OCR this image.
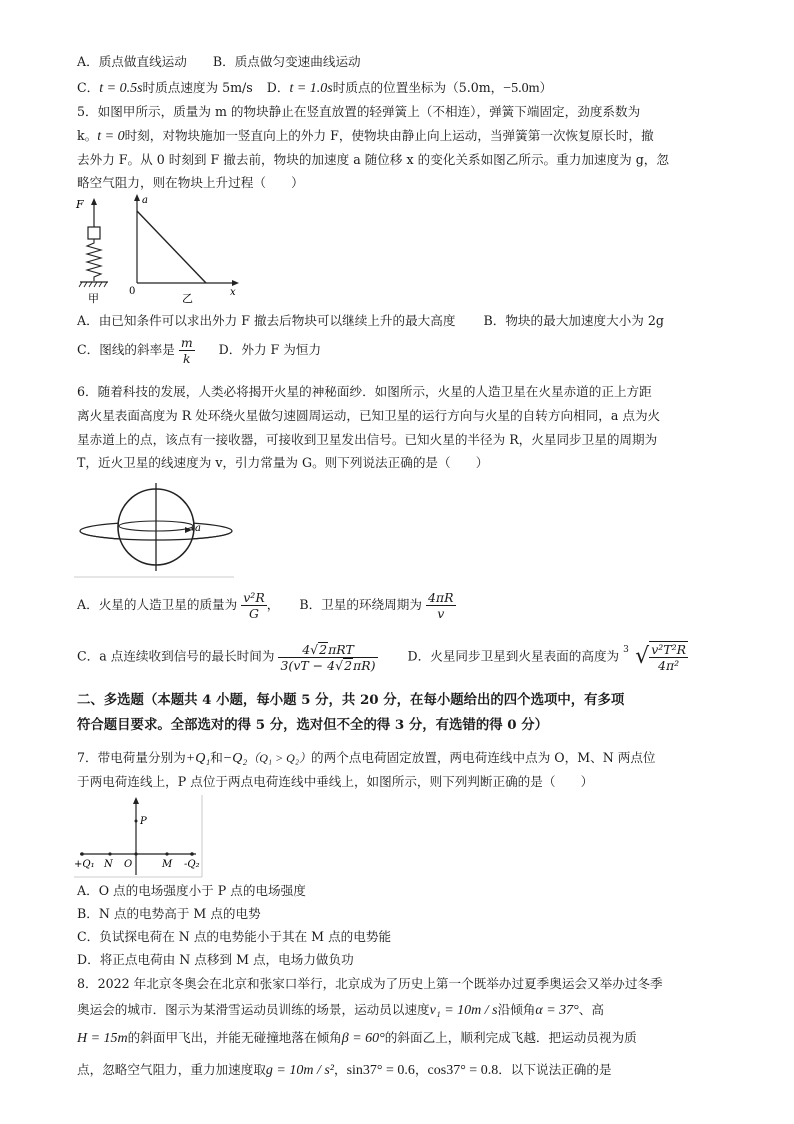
A．质点做直线运动 B．质点做匀变速曲线运动
C．t = 0.5s时质点速度为 5m/s D．t = 1.0s时质点的位置坐标为（5.0m，−5.0m）
5．如图甲所示，质量为 m 的物块静止在竖直放置的轻弹簧上（不相连），弹簧下端固定，劲度系数为
k。t = 0时刻，对物块施加一竖直向上的外力 F，使物块由静止向上运动，当弹簧第一次恢复原长时，撤
去外力 F。从 0 时刻到 F 撤去前，物块的加速度 a 随位移 x 的变化关系如图乙所示。重力加速度为 g，忽
略空气阻力，则在物块上升过程（　　）
F
甲
a
x
0
乙
A．由已知条件可以求出外力 F 撤去后物块可以继续上升的最大高度 B．物块的最大加速度大小为 2g
C．图线的斜率是 $\frac{m}{k}$ D．外力 F 为恒力
6．随着科技的发展，人类必将揭开火星的神秘面纱．如图所示，火星的人造卫星在火星赤道的正上方距
离火星表面高度为 R 处环绕火星做匀速圆周运动，已知卫星的运行方向与火星的自转方向相同，a 点为火
星赤道上的点，该点有一接收器，可接收到卫星发出信号。已知火星的半径为 R，火星同步卫星的周期为
T，近火卫星的线速度为 v，引力常量为 G。则下列说法正确的是（　　）
a
A．火星的人造卫星的质量为 $\frac{\text{v²R}}{G}$ ， B．卫星的环绕周期为 $\frac{4\pi R}{v}$
C．a 点连续收到信号的最长时间为 $\frac{\text{4√2πRT}}{3(vT - 4√2\pi R)}$ D．火星同步卫星到火星表面的高度为 3 √ $\frac{\text{v²T²R}}{\text{4π²}}$
二、多选题（本题共 4 小题，每小题 5 分，共 20 分，在每小题给出的四个选项中，有多项
符合题目要求。全部选对的得 5 分，选对但不全的得 3 分，有选错的得 0 分）
7．带电荷量分别为+Q₁和−Q₂（Q₁ > Q₂）的两个点电荷固定放置，两电荷连线中点为 O，M、N 两点位
于两电荷连线上，P 点位于两点电荷连线中垂线上，如图所示，则下列判断正确的是（　　）
P
+Q₁ N O	M -Q₂
A．O 点的电场强度小于 P 点的电场强度
B．N 点的电势高于 M 点的电势
C．负试探电荷在 N 点的电势能小于其在 M 点的电势能
D．将正点电荷由 N 点移到 M 点，电场力做负功
8．2022 年北京冬奥会在北京和张家口举行，北京成为了历史上第一个既举办过夏季奥运会又举办过冬季
奥运会的城市．图示为某滑雪运动员训练的场景，运动员以速度v₁ = 10m / s沿倾角α = 37°、高
H = 15m的斜面甲飞出，并能无碰撞地落在倾角β = 60°的斜面乙上，顺利完成飞越．把运动员视为质
点，忽略空气阻力，重力加速度取g = 10m / s²，sin37° = 0.6，cos37° = 0.8．以下说法正确的是
